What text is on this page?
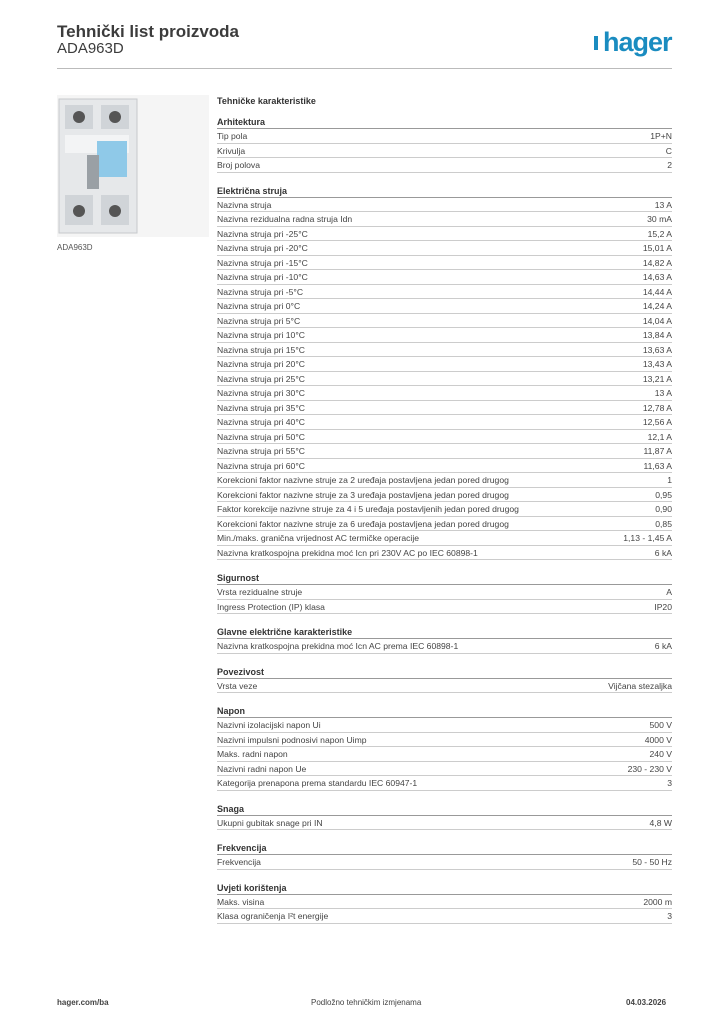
Tehnički list proizvoda
ADA963D	hager
ADA963D
Tehničke karakteristike
Arhitektura
Tip pola	1P+N
Krivulja	C
Broj polova	2
Električna struja
Nazivna struja	13 A
Nazivna rezidualna radna struja Idn	30 mA
Nazivna struja pri -25°C	15,2 A
Nazivna struja pri -20°C	15,01 A
Nazivna struja pri -15°C	14,82 A
Nazivna struja pri -10°C	14,63 A
Nazivna struja pri -5°C	14,44 A
Nazivna struja pri 0°C	14,24 A
Nazivna struja pri 5°C	14,04 A
Nazivna struja pri 10°C	13,84 A
Nazivna struja pri 15°C	13,63 A
Nazivna struja pri 20°C	13,43 A
Nazivna struja pri 25°C	13,21 A
Nazivna struja pri 30°C	13 A
Nazivna struja pri 35°C	12,78 A
Nazivna struja pri 40°C	12,56 A
Nazivna struja pri 50°C	12,1 A
Nazivna struja pri 55°C	11,87 A
Nazivna struja pri 60°C	11,63 A
Korekcioni faktor nazivne struje za 2 uređaja postavljena jedan pored drugog	1
Korekcioni faktor nazivne struje za 3 uređaja postavljena jedan pored drugog	0,95
Faktor korekcije nazivne struje za 4 i 5 uređaja postavljenih jedan pored drugog	0,90
Korekcioni faktor nazivne struje za 6 uređaja postavljena jedan pored drugog	0,85
Min./maks. granična vrijednost AC termičke operacije	1,13 - 1,45 A
Nazivna kratkospojna prekidna moć Icn pri 230V AC po IEC 60898-1	6 kA
Sigurnost
Vrsta rezidualne struje	A
Ingress Protection (IP) klasa	IP20
Glavne električne karakteristike
Nazivna kratkospojna prekidna moć Icn AC prema IEC 60898-1	6 kA
Povezivost
Vrsta veze	Vijčana stezaljka
Napon
Nazivni izolacijski napon Ui	500 V
Nazivni impulsni podnosivi napon Uimp	4000 V
Maks. radni napon	240 V
Nazivni radni napon Ue	230 - 230 V
Kategorija prenapona prema standardu IEC 60947-1	3
Snaga
Ukupni gubitak snage pri IN	4,8 W
Frekvencija
Frekvencija	50 - 50 Hz
Uvjeti korištenja
Maks. visina	2000 m
Klasa ograničenja I²t energije	3
hager.com/ba	Podložno tehničkim izmjenama	04.03.2026
